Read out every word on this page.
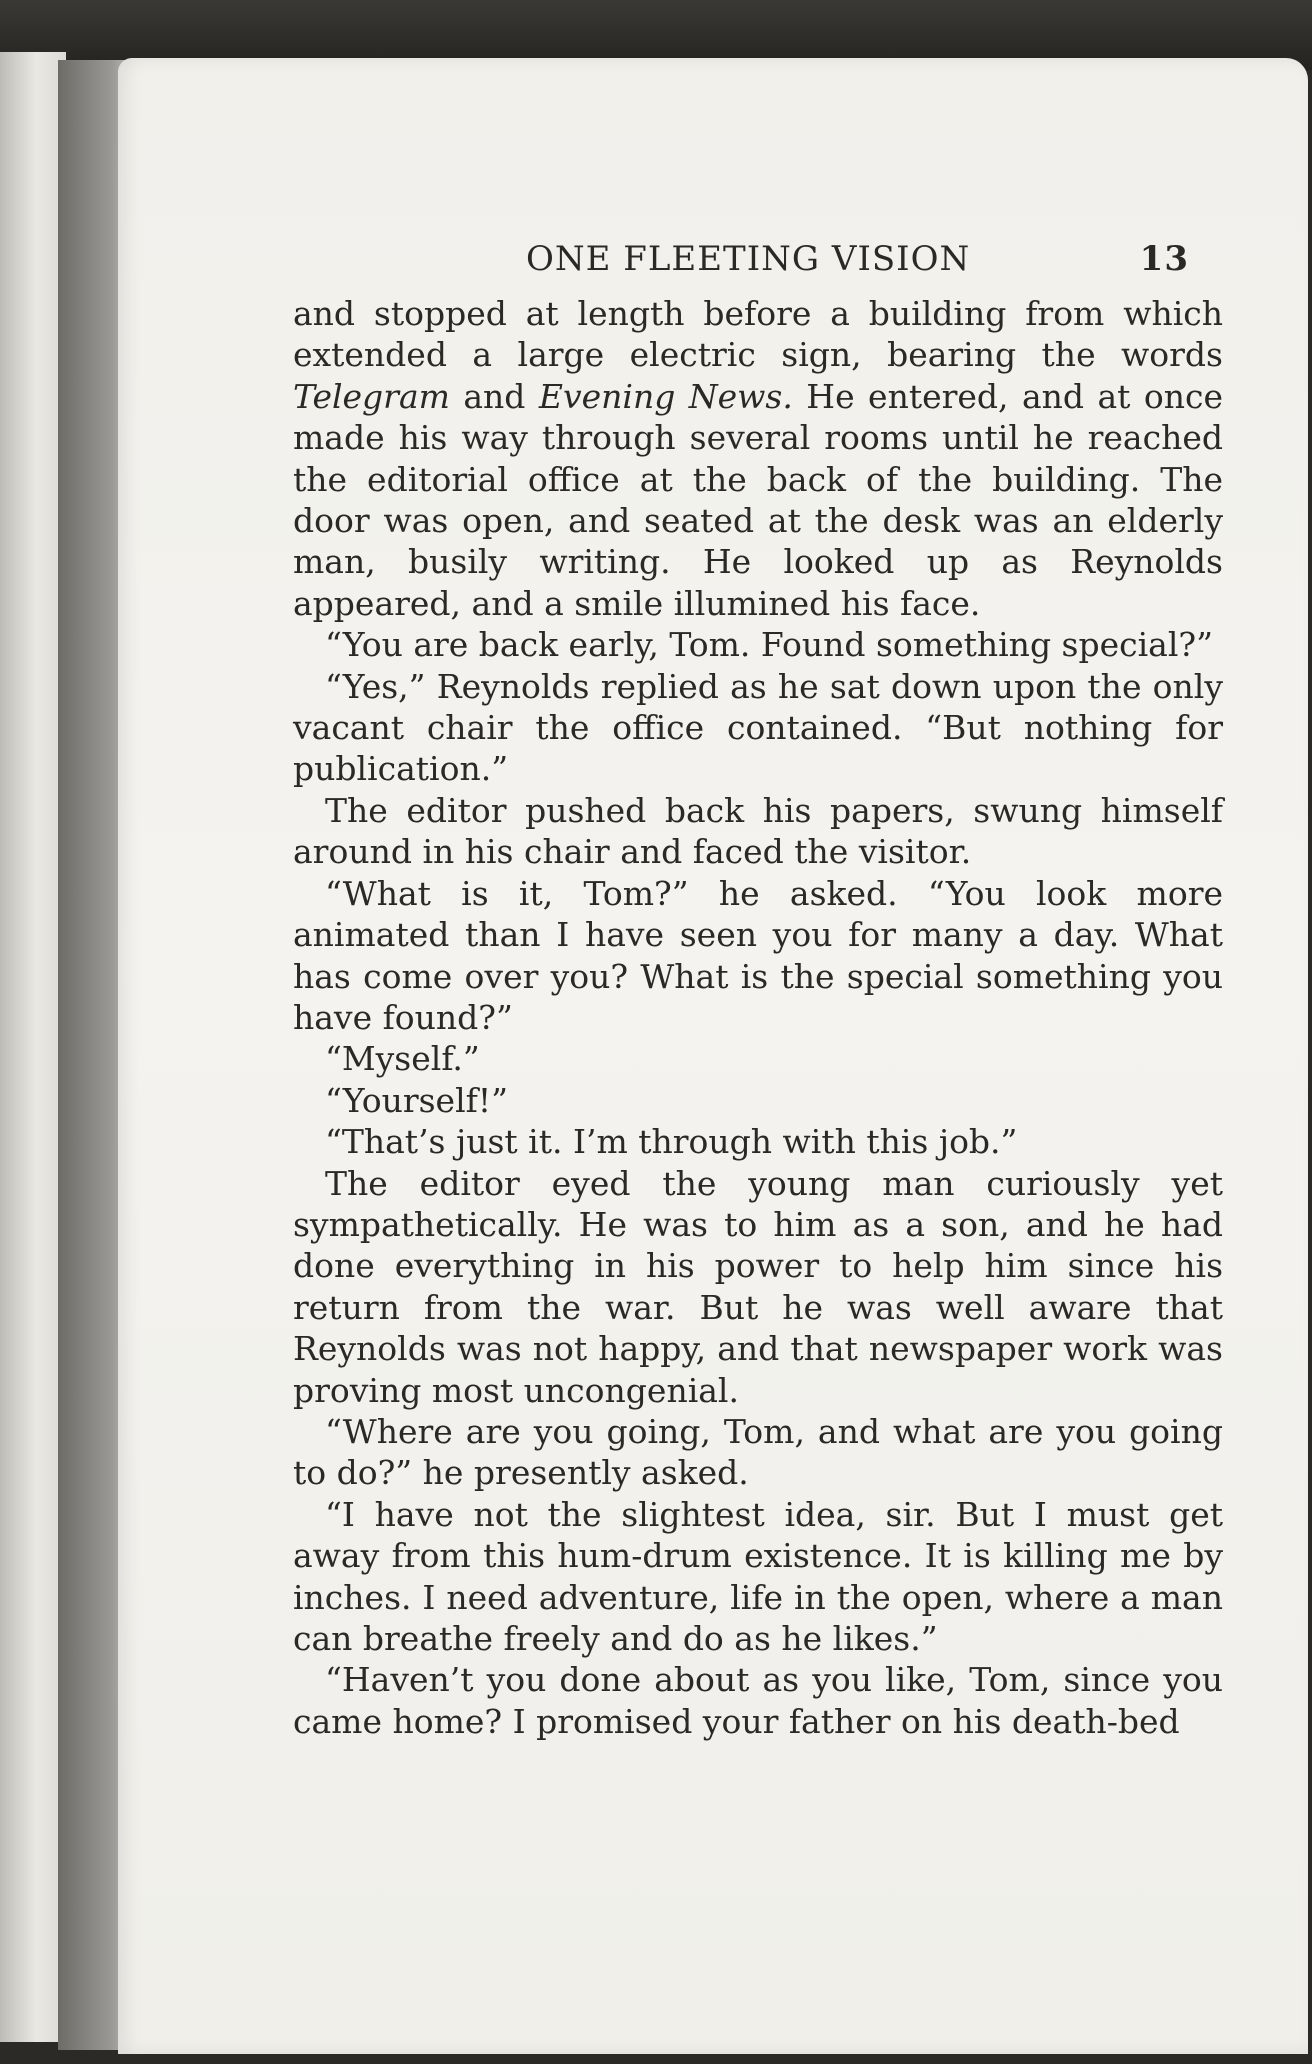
ONE FLEETING VISION	13

and stopped at length before a building from which extended a large electric sign, bearing the words Telegram and Evening News. He entered, and at once made his way through several rooms until he reached the editorial office at the back of the building. The door was open, and seated at the desk was an elderly man, busily writing. He looked up as Reynolds appeared, and a smile illumined his face.

“You are back early, Tom. Found something special?”

“Yes,” Reynolds replied as he sat down upon the only vacant chair the office contained. “But nothing for publication.”

The editor pushed back his papers, swung himself around in his chair and faced the visitor.

“What is it, Tom?” he asked. “You look more animated than I have seen you for many a day. What has come over you? What is the special something you have found?”

“Myself.”

“Yourself!”

“That’s just it. I’m through with this job.”

The editor eyed the young man curiously yet sympathetically. He was to him as a son, and he had done everything in his power to help him since his return from the war. But he was well aware that Reynolds was not happy, and that newspaper work was proving most uncongenial.

“Where are you going, Tom, and what are you going to do?” he presently asked.

“I have not the slightest idea, sir. But I must get away from this hum-drum existence. It is killing me by inches. I need adventure, life in the open, where a man can breathe freely and do as he likes.”

“Haven’t you done about as you like, Tom, since you came home? I promised your father on his death-bed
